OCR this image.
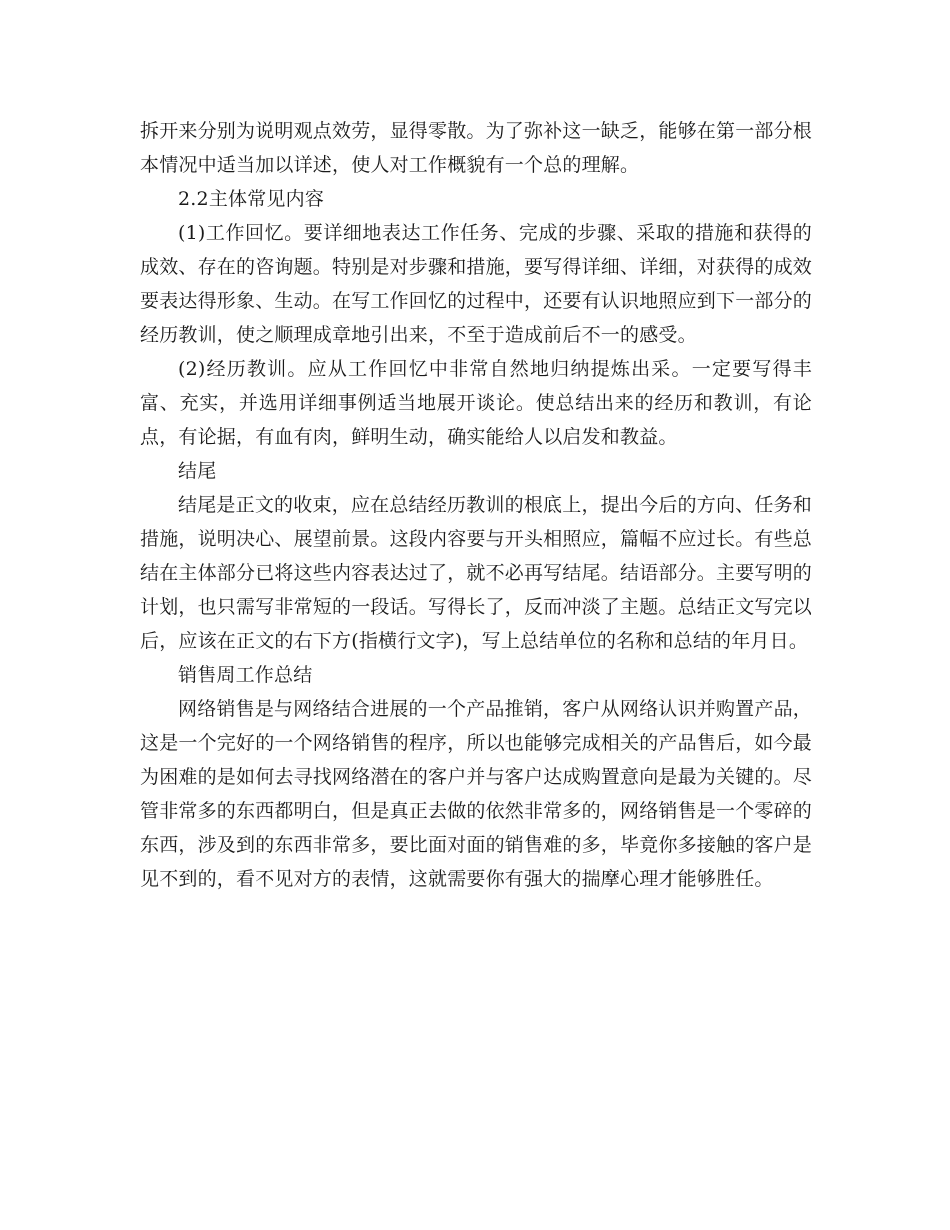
拆开来分别为说明观点效劳，显得零散。为了弥补这一缺乏，能够在第一部分根本情况中适当加以详述，使人对工作概貌有一个总的理解。

2.2主体常见内容

(1)工作回忆。要详细地表达工作任务、完成的步骤、采取的措施和获得的成效、存在的咨询题。特别是对步骤和措施，要写得详细、详细，对获得的成效要表达得形象、生动。在写工作回忆的过程中，还要有认识地照应到下一部分的经历教训，使之顺理成章地引出来，不至于造成前后不一的感受。

(2)经历教训。应从工作回忆中非常自然地归纳提炼出采。一定要写得丰富、充实，并选用详细事例适当地展开谈论。使总结出来的经历和教训，有论点，有论据，有血有肉，鲜明生动，确实能给人以启发和教益。

结尾

结尾是正文的收束，应在总结经历教训的根底上，提出今后的方向、任务和措施，说明决心、展望前景。这段内容要与开头相照应，篇幅不应过长。有些总结在主体部分已将这些内容表达过了，就不必再写结尾。结语部分。主要写明的计划，也只需写非常短的一段话。写得长了，反而冲淡了主题。总结正文写完以后，应该在正文的右下方(指横行文字)，写上总结单位的名称和总结的年月日。

销售周工作总结

网络销售是与网络结合进展的一个产品推销，客户从网络认识并购置产品，这是一个完好的一个网络销售的程序，所以也能够完成相关的产品售后，如今最为困难的是如何去寻找网络潜在的客户并与客户达成购置意向是最为关键的。尽管非常多的东西都明白，但是真正去做的依然非常多的，网络销售是一个零碎的东西，涉及到的东西非常多，要比面对面的销售难的多，毕竟你多接触的客户是见不到的，看不见对方的表情，这就需要你有强大的揣摩心理才能够胜任。
